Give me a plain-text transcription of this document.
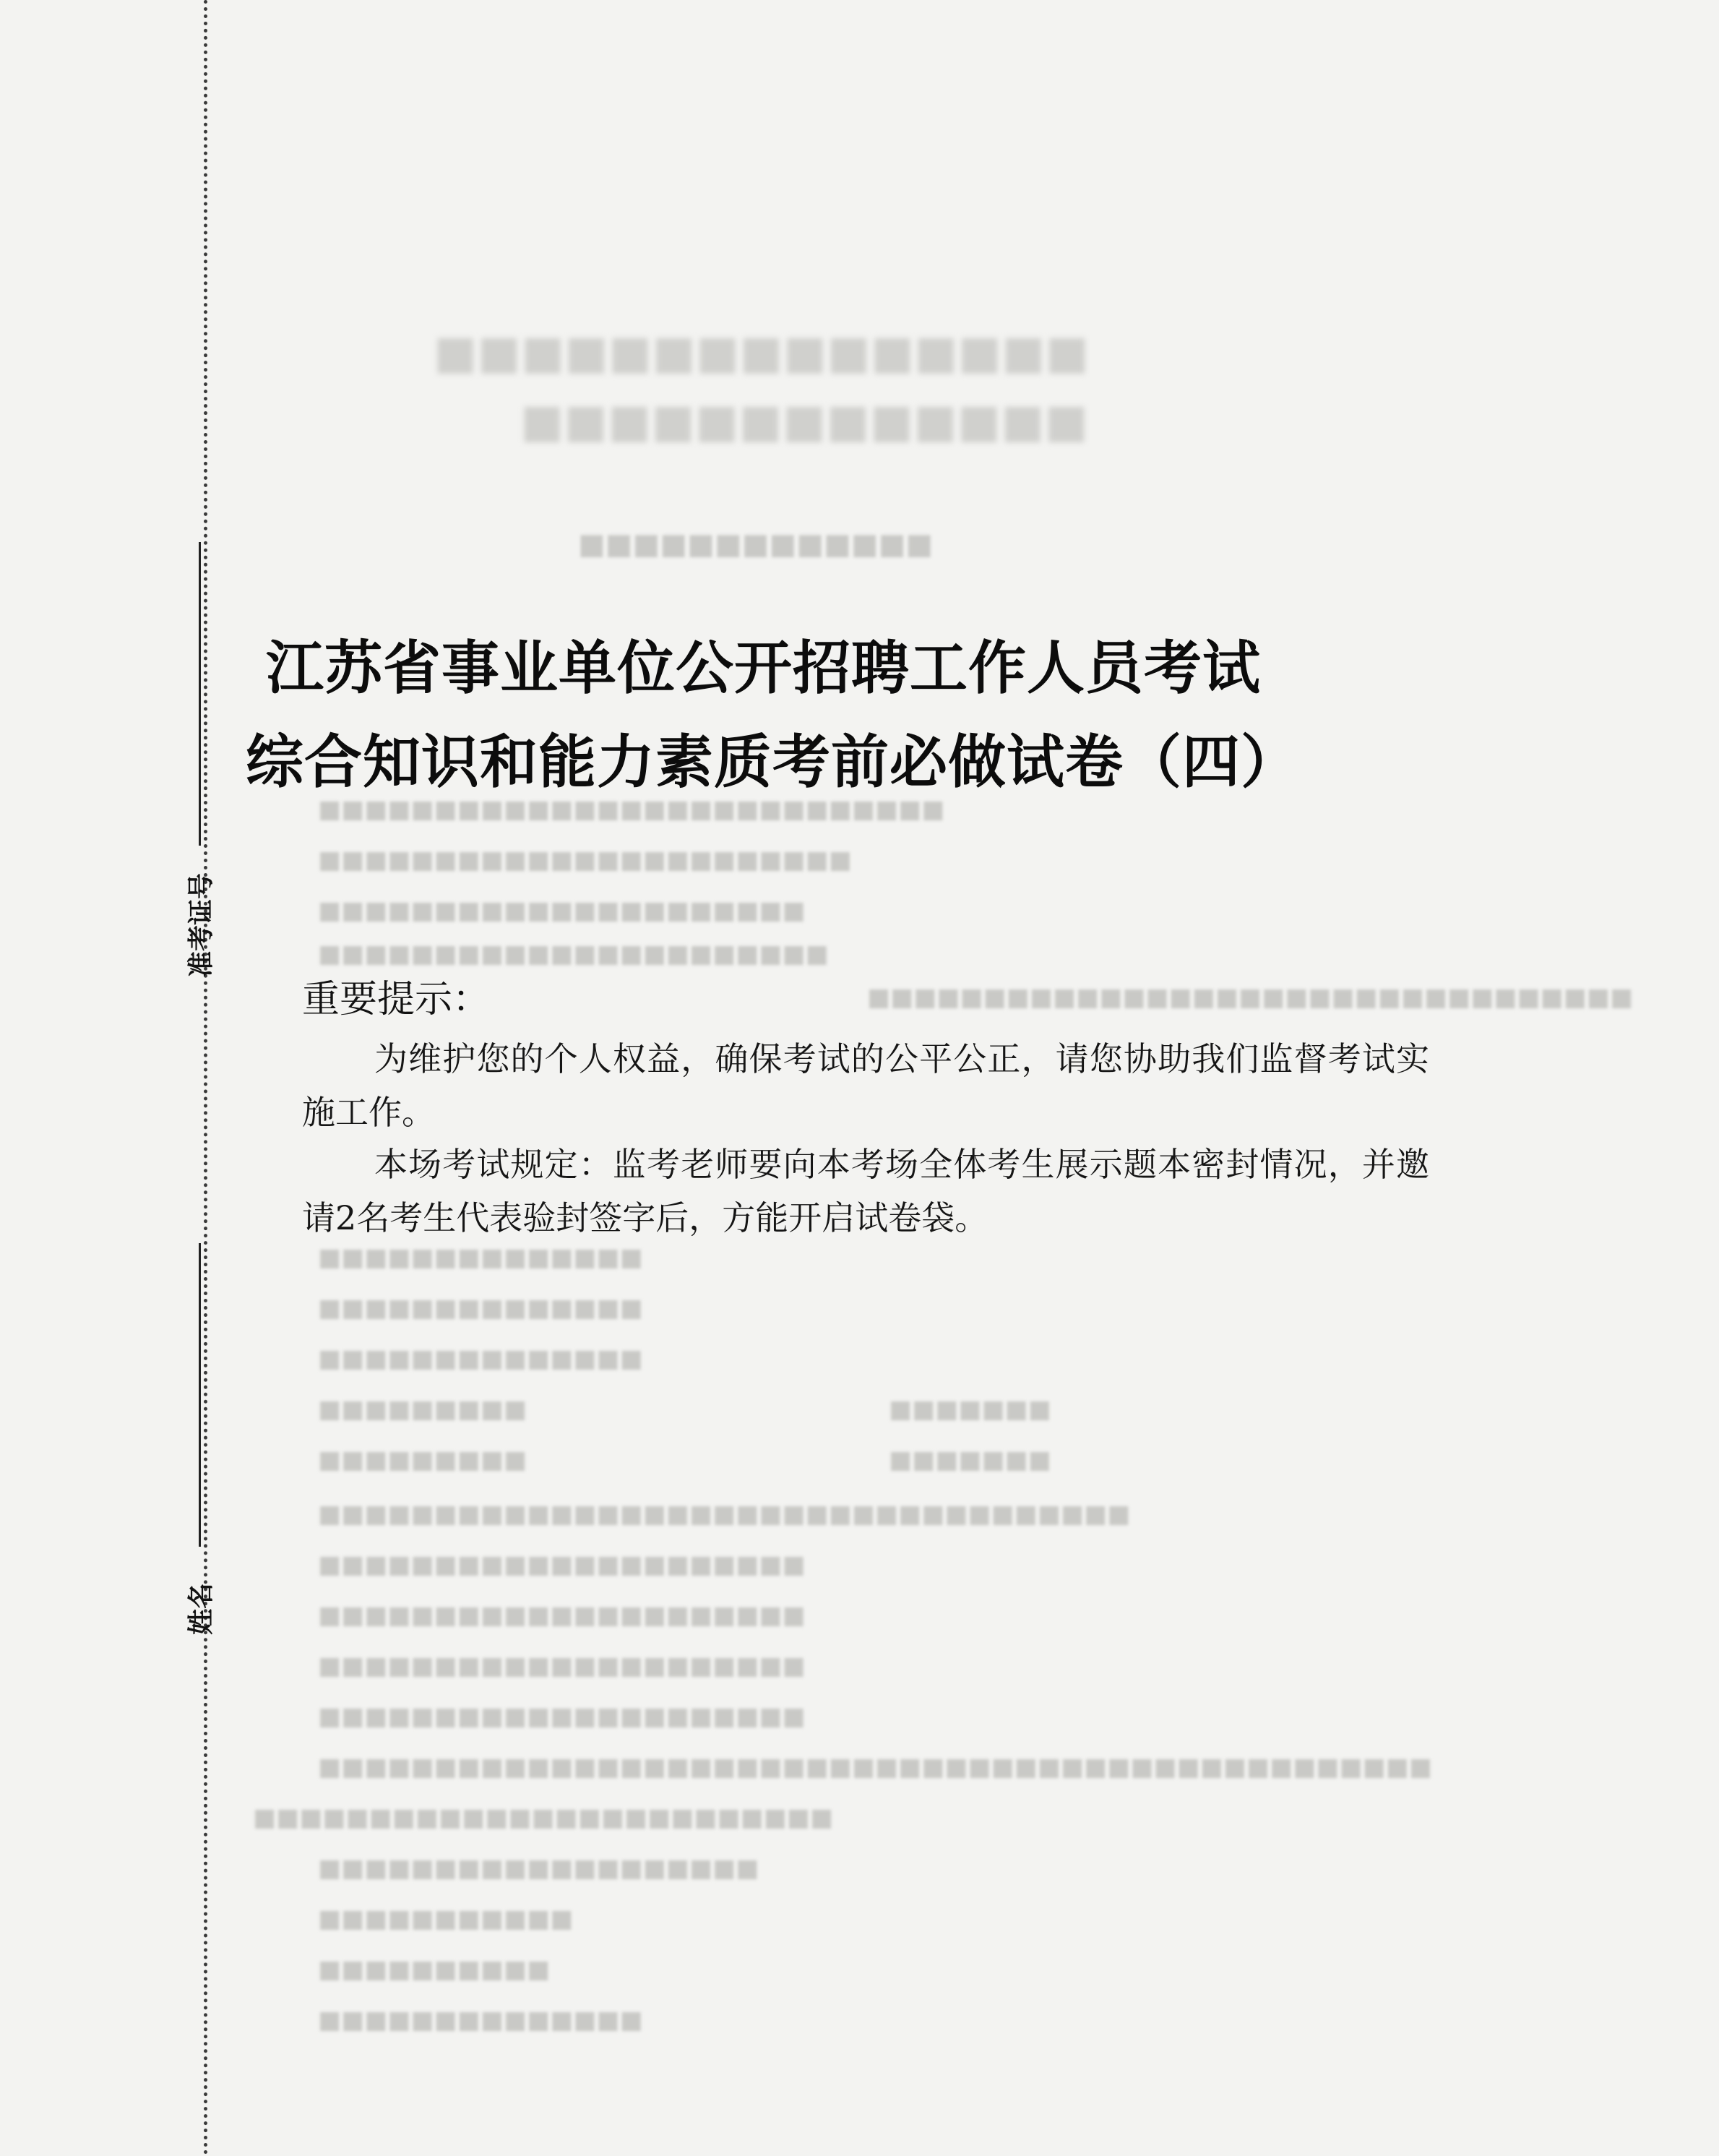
准考证号
姓名
■■■■■■■■■■■■■■■
■■■■■■■■■■■■■
■■■■■■■■■■■■■
■■■■■■■■■■■■■■■■■■■■■■■■■■■
■■■■■■■■■■■■■■■■■■■■■■■
■■■■■■■■■■■■■■■■■■■■■
■■■■■■■■■■■■■■■■■■■■■■
■■■■■■■■■■■■■■■■■■■■■■■■■■■■■■■■■
■■■■■■■■■■■■■■
■■■■■■■■■■■■■■
■■■■■■■■■■■■■■
■■■■■■■■■	■■■■■■■
■■■■■■■■■	■■■■■■■
■■■■■■■■■■■■■■■■■■■■■■■■■■■■■■■■■■■
■■■■■■■■■■■■■■■■■■■■■
■■■■■■■■■■■■■■■■■■■■■
■■■■■■■■■■■■■■■■■■■■■
■■■■■■■■■■■■■■■■■■■■■
■■■■■■■■■■■■■■■■■■■■■■■■■■■■■■■■■■■■■■■■■■■■■■■■
■■■■■■■■■■■■■■■■■■■■■■■■■
■■■■■■■■■■■■■■■■■■■
■■■■■■■■■■■
■■■■■■■■■■
■■■■■■■■■■■■■■
江苏省事业单位公开招聘工作人员考试
综合知识和能力素质考前必做试卷（四）
重要提示：
为维护您的个人权益，确保考试的公平公正，请您协助我们监督考试实施工作。
本场考试规定：监考老师要向本考场全体考生展示题本密封情况，并邀请2名考生代表验封签字后，方能开启试卷袋。
